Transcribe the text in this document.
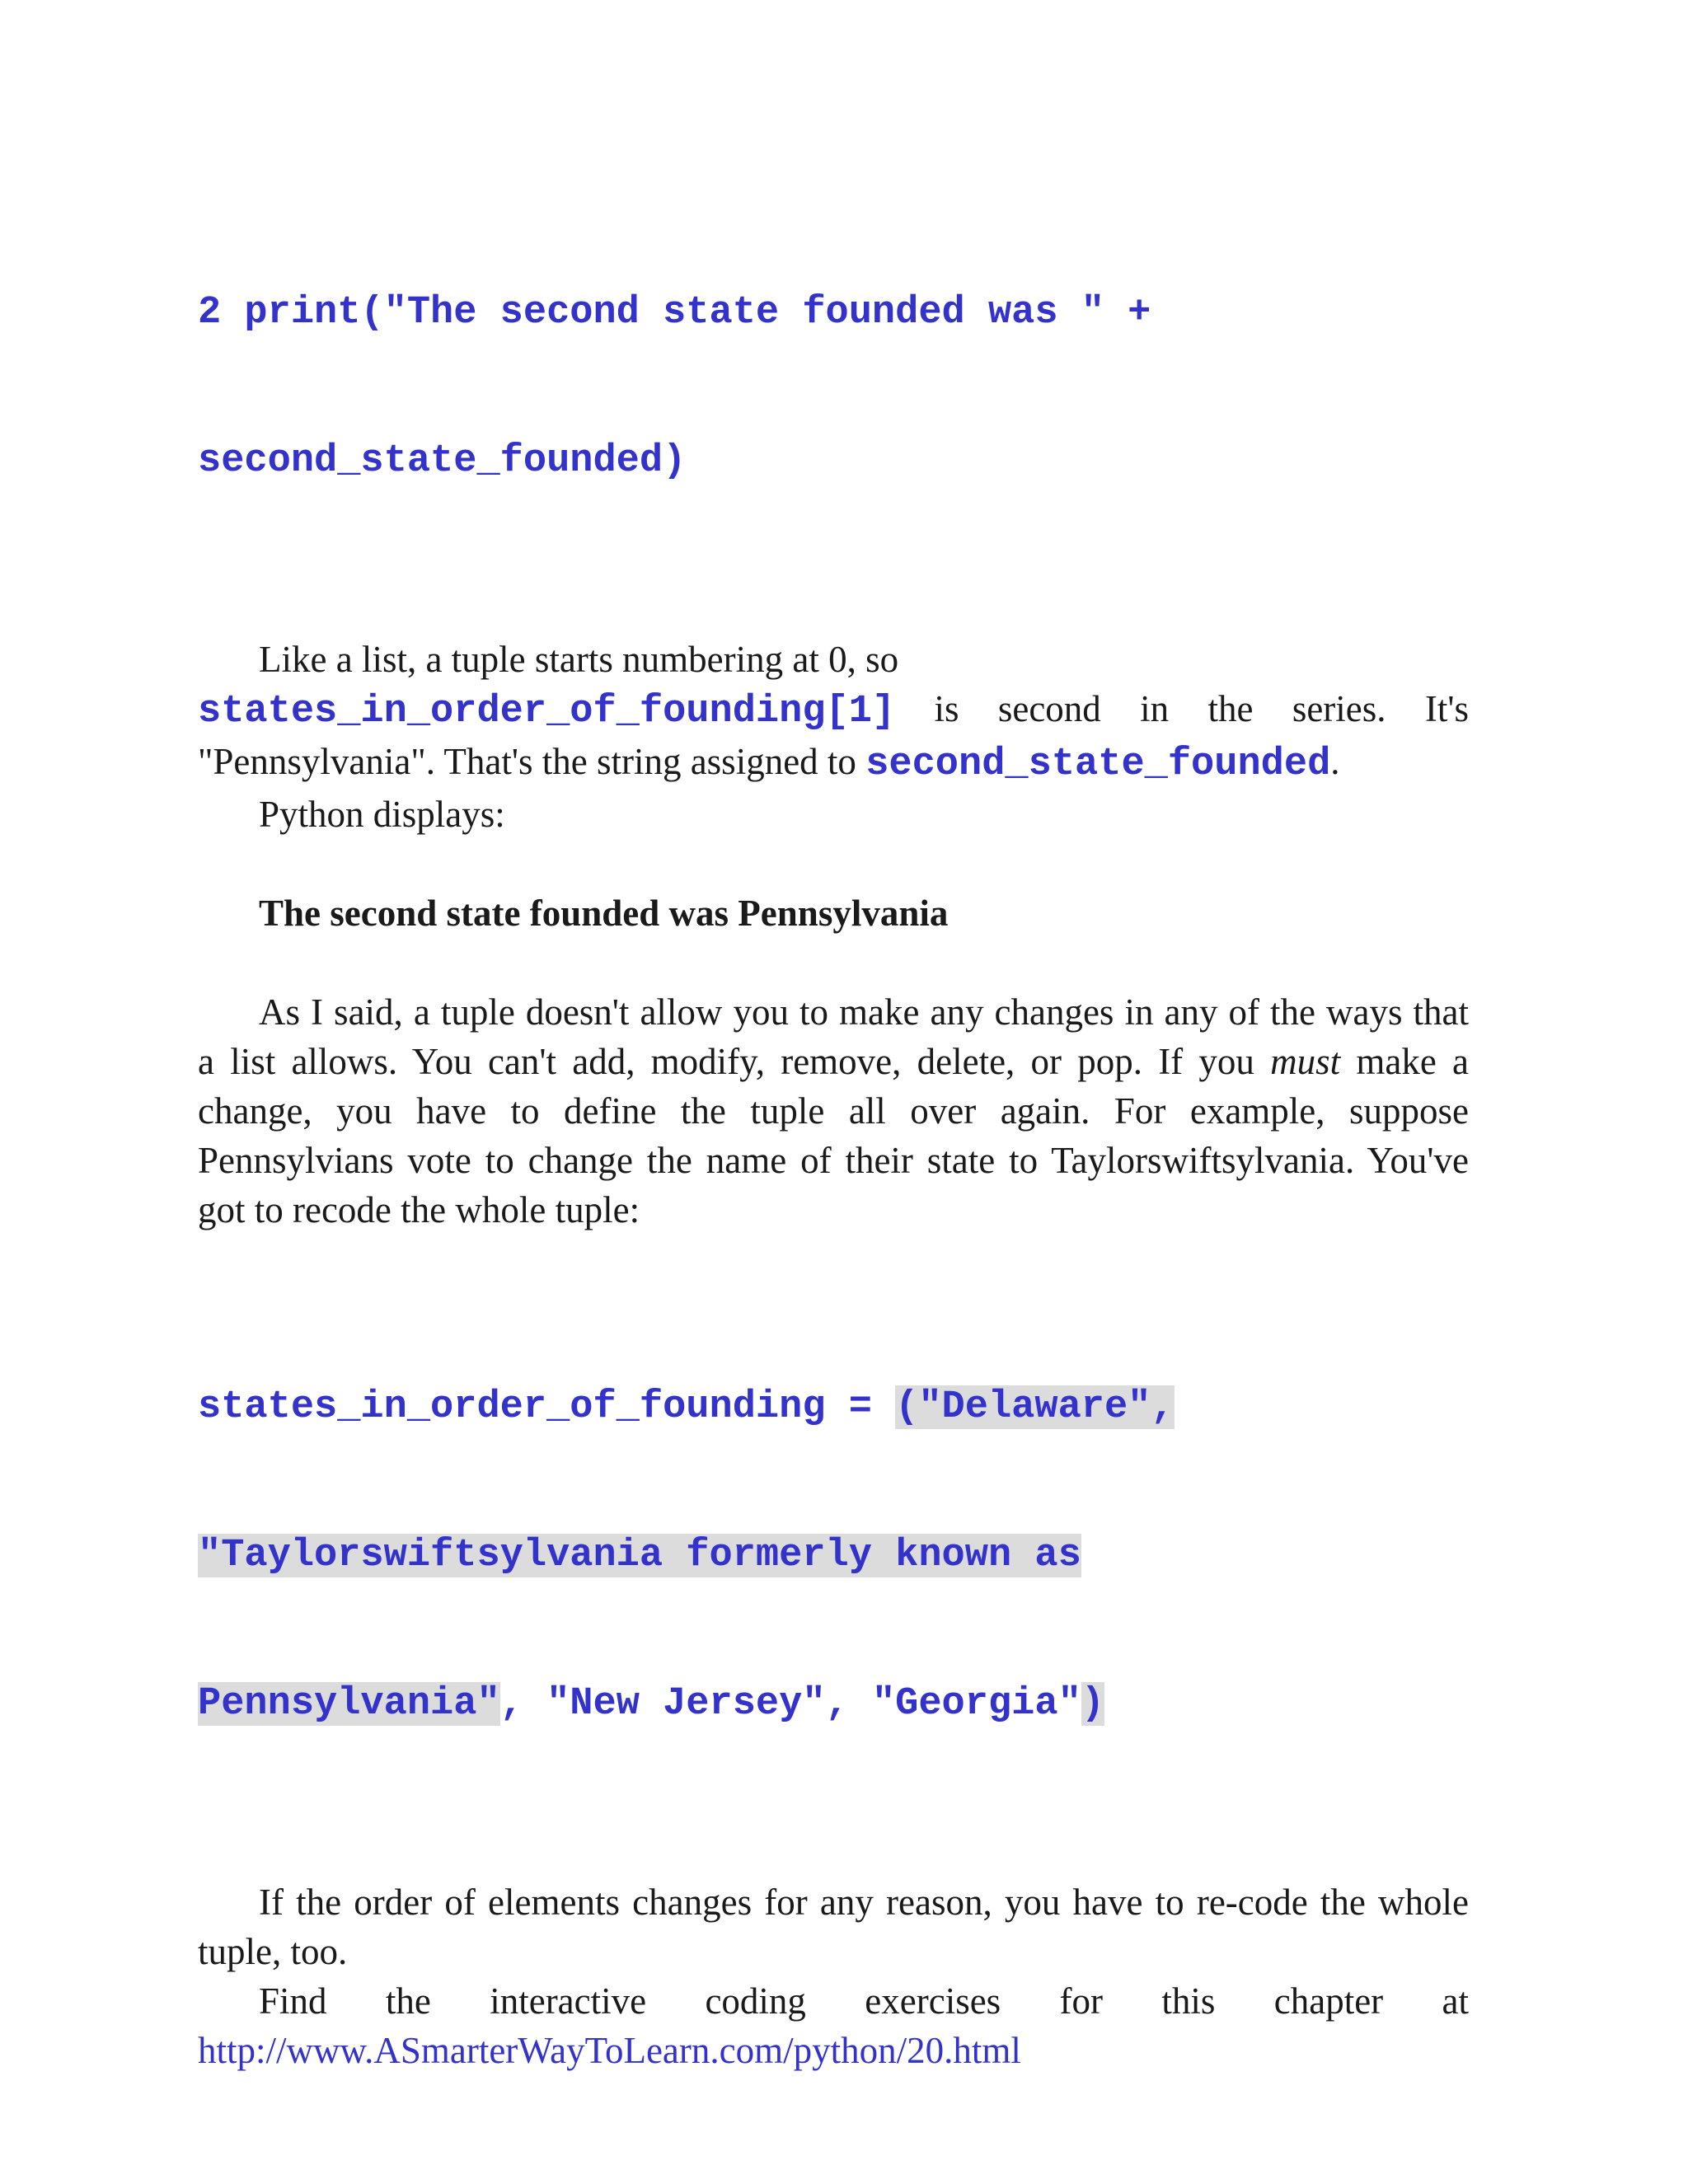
2 print("The second state founded was " +

second_state_founded)

Like a list, a tuple starts numbering at 0, so
states_in_order_of_founding[1] is second in the series. It's "Pennsylvania". That's the string assigned to second_state_founded.

Python displays:

The second state founded was Pennsylvania

As I said, a tuple doesn't allow you to make any changes in any of the ways that a list allows. You can't add, modify, remove, delete, or pop. If you must make a change, you have to define the tuple all over again. For example, suppose Pennsylvians vote to change the name of their state to Taylorswiftsylvania. You've got to recode the whole tuple:

states_in_order_of_founding = ("Delaware",

"Taylorswiftsylvania formerly known as

Pennsylvania", "New Jersey", "Georgia")

If the order of elements changes for any reason, you have to re-code the whole tuple, too.

Find the interactive coding exercises for this chapter at

http://www.ASmarterWayToLearn.com/python/20.html
